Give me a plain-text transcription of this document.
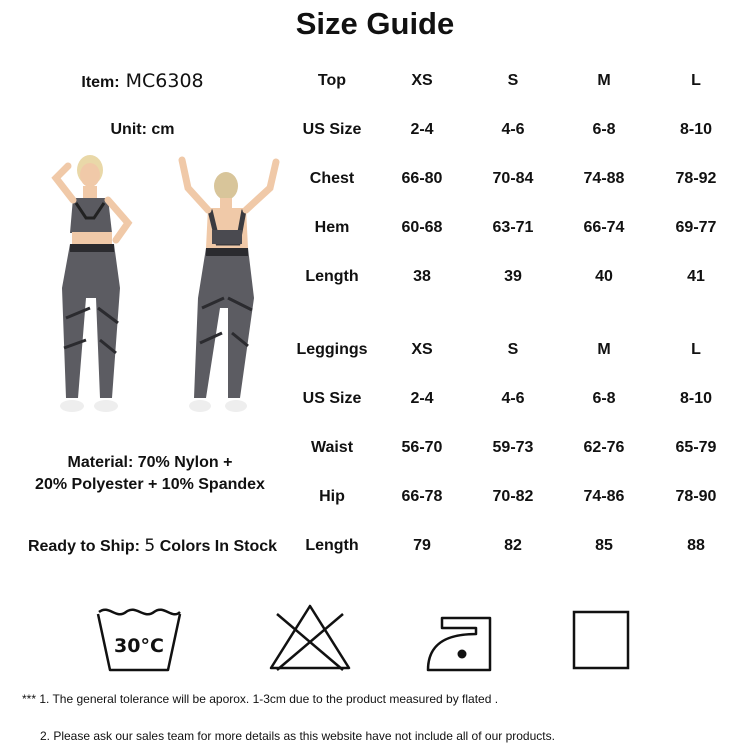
Size Guide
Item: MC6308
Unit: cm
Material: 70% Nylon +
20% Polyester + 10% Spandex
Ready to Ship: 5 Colors In Stock
Top	XS	S	M	L
US Size	2-4	4-6	6-8	8-10
Chest	66-80	70-84	74-88	78-92
Hem	60-68	63-71	66-74	69-77
Length	38	39	40	41
Leggings	XS	S	M	L
US Size	2-4	4-6	6-8	8-10
Waist	56-70	59-73	62-76	65-79
Hip	66-78	70-82	74-86	78-90
Length	79	82	85	88
30°C
*** 1. The general tolerance will be aporox. 1-3cm due to the product measured by flated .
2. Please ask our sales team for more details as this website have not include all of our products.
